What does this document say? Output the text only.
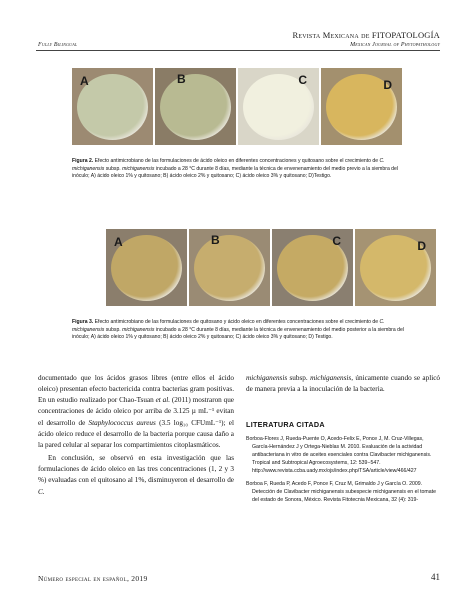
Fully Bilingual
Revista Mexicana de FITOPATOLOGÍA
Mexican Journal of Phytopathology
A	B	C	D
Figura 2. Efecto antimicrobiano de las formulaciones de ácido oleico en diferentes concentraciones y quitosano sobre el crecimiento de C. michiganensis subsp. michiganensis incubado a 28 °C durante 8 días, mediante la técnica de envenenamiento del medio previo a la siembra del inóculo; A) ácido oleico 1% y quitosano; B) ácido oleico 2% y quitosano; C) ácido oleico 3% y quitosano; D)Testigo.
A	B	C	D
Figura 3. Efecto antimicrobiano de las formulaciones de quitosano y ácido oleico en diferentes concentraciones sobre el crecimiento de C. michiganensis subsp. michiganensis incubado a 28 °C durante 8 días, mediante la técnica de envenenamiento del medio posterior a la siembra del inóculo; A) ácido oleico 1% y quitosano; B) ácido oleico 2% y quitosano; C) ácido oleico 3% y quitosano; D) Testigo.

documentado que los ácidos grasos libres (entre ellos el ácido oleico) presentan efecto bactericida contra bacterias gram positivas. En un estudio realizado por Chao-Tsuan et al. (2011) mostraron que concentraciones de ácido oleico por arriba de 3.125 µ mL⁻¹ evitan el desarrollo de Staphylococcus aureus (3.5 log₁₀ CFUmL⁻¹); el ácido oleico reduce el desarrollo de la bacteria porque causa daño a la pared celular al separar los compartimientos citoplasmáticos.

En conclusión, se observó en esta investigación que las formulaciones de ácido oleico en las tres concentraciones (1, 2 y 3 %) evaluadas con el quitosano al 1%, disminuyeron el desarrollo de C.

michiganensis subsp. michiganensis, únicamente cuando se aplicó de manera previa a la inoculación de la bacteria.

LITERATURA CITADA

Borboa-Flores J, Rueda-Puente O, Acedo-Felix E, Ponce J, M. Cruz-Villegas, García-Hernández J y Ortega-Nieblas M. 2010. Evaluación de la actividad antibacteriana in vitro de aceites esenciales contra Clavibacter michiganensis. Tropical and Subtropical Agroecosystems, 12: 539−547. http://www.revista.ccba.uady.mx/ojs/index.php/TSA/article/view/466/427

Borboa F, Rueda P, Acedo F, Ponce F, Cruz M, Grimaldo J y García O. 2009. Detección de Clavibacter michiganensis subespecie michiganensis en el tomate del estado de Sonora, México. Revista Fitotecnia Mexicana, 32 (4): 319-

Número especial en español, 2019	41
